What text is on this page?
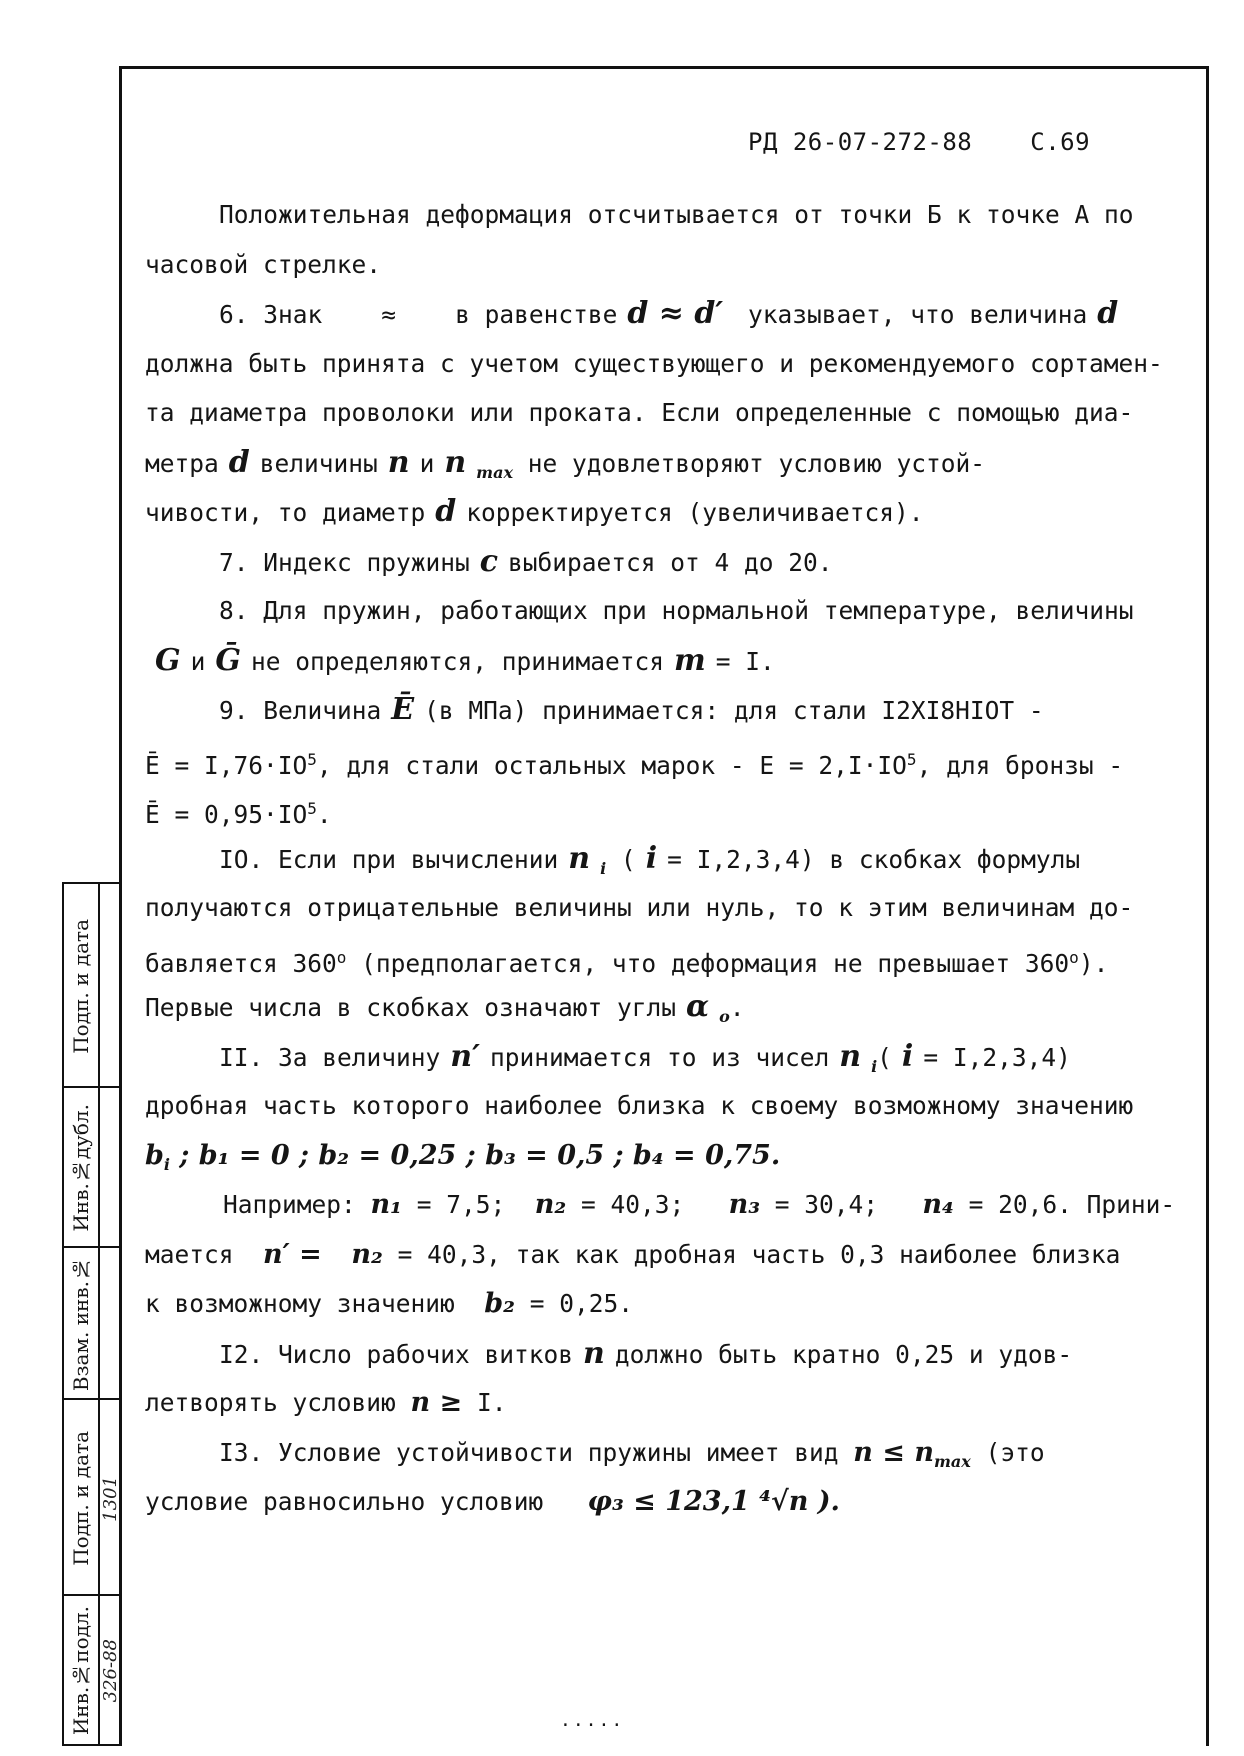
РД 26-07-272-88 С.69
Положительная деформация отсчитывается от точки Б к точке А по
часовой стрелке.
6. Знак ≈ в равенстве d ≈ d′ указывает, что величина d
должна быть принята с учетом существующего и рекомендуемого сортамен-
та диаметра проволоки или проката. Если определенные с помощью диа-
метра d величины n и n $_{max}$ не удовлетворяют условию устой-
чивости, то диаметр d корректируется (увеличивается).
7. Индекс пружины c выбирается от 4 до 20.
8. Для пружин, работающих при нормальной температуре, величины
G и Ḡ не определяются, принимается m = I.
9. Величина Ē (в МПа) принимается: для стали I2XI8HIOT -
Ē = $I,76\cdot IO^5$, для стали остальных марок - $E = 2,I\cdot IO^5$, для бронзы -
Ē = $0,95\cdot IO^5$.
IO. Если при вычислении n $_i$ ( i = I,2,3,4) в скобках формулы
получаются отрицательные величины или нуль, то к этим величинам до-
бавляется 360$^o$ (предполагается, что деформация не превышает 360$^o$).
Первые числа в скобках означают углы α $_o$.
II. За величину n′ принимается то из чисел n $_i$( i = I,2,3,4)
дробная часть которого наиболее близка к своему возможному значению
$b_i$ ; b₁ = 0 ; b₂ = 0,25 ; b₃ = 0,5 ; b₄ = 0,75.
Например: n₁ = 7,5; n₂ = 40,3; n₃ = 30,4; n₄ = 20,6. Прини-
мается n′ = n₂ = 40,3, так как дробная часть 0,3 наиболее близка
к возможному значению b₂ = 0,25.
I2. Число рабочих витков n должно быть кратно 0,25 и удов-
летворять условию n ≥ I.
I3. Условие устойчивости пружины имеет вид $n \le n_{max}$ (это
условие равносильно условию φ₃ ≤ 123,1 ⁴√n ).
.....
Подп. и дата
Инв.№дубл.
Взам. инв.№
Подп. и дата 1301
Инв.№подл. 326-88
